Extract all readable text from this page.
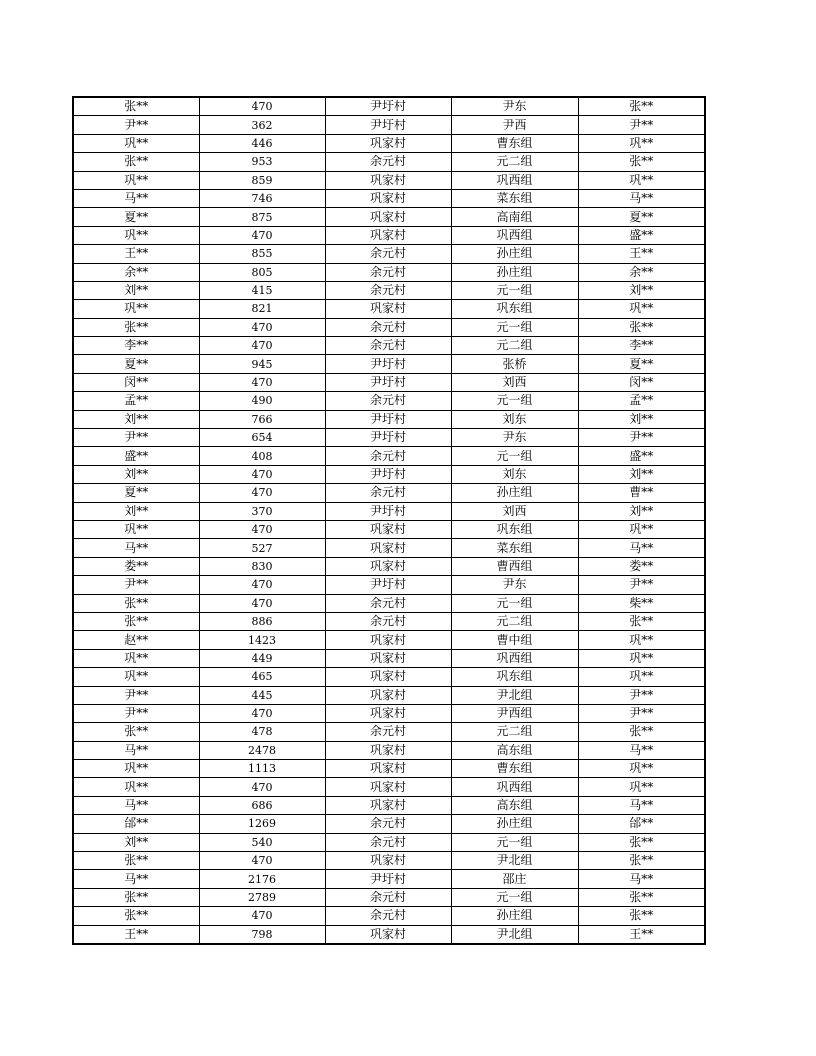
张**	470	尹圩村	尹东	张**
尹**	362	尹圩村	尹西	尹**
巩**	446	巩家村	曹东组	巩**
张**	953	余元村	元二组	张**
巩**	859	巩家村	巩西组	巩**
马**	746	巩家村	菜东组	马**
夏**	875	巩家村	高南组	夏**
巩**	470	巩家村	巩西组	盛**
王**	855	余元村	孙庄组	王**
余**	805	余元村	孙庄组	余**
刘**	415	余元村	元一组	刘**
巩**	821	巩家村	巩东组	巩**
张**	470	余元村	元一组	张**
李**	470	余元村	元二组	李**
夏**	945	尹圩村	张桥	夏**
闵**	470	尹圩村	刘西	闵**
孟**	490	余元村	元一组	孟**
刘**	766	尹圩村	刘东	刘**
尹**	654	尹圩村	尹东	尹**
盛**	408	余元村	元一组	盛**
刘**	470	尹圩村	刘东	刘**
夏**	470	余元村	孙庄组	曹**
刘**	370	尹圩村	刘西	刘**
巩**	470	巩家村	巩东组	巩**
马**	527	巩家村	菜东组	马**
娄**	830	巩家村	曹西组	娄**
尹**	470	尹圩村	尹东	尹**
张**	470	余元村	元一组	柴**
张**	886	余元村	元二组	张**
赵**	1423	巩家村	曹中组	巩**
巩**	449	巩家村	巩西组	巩**
巩**	465	巩家村	巩东组	巩**
尹**	445	巩家村	尹北组	尹**
尹**	470	巩家村	尹西组	尹**
张**	478	余元村	元二组	张**
马**	2478	巩家村	高东组	马**
巩**	1113	巩家村	曹东组	巩**
巩**	470	巩家村	巩西组	巩**
马**	686	巩家村	高东组	马**
邰**	1269	余元村	孙庄组	邰**
刘**	540	余元村	元一组	张**
张**	470	巩家村	尹北组	张**
马**	2176	尹圩村	邵庄	马**
张**	2789	余元村	元一组	张**
张**	470	余元村	孙庄组	张**
王**	798	巩家村	尹北组	王**
